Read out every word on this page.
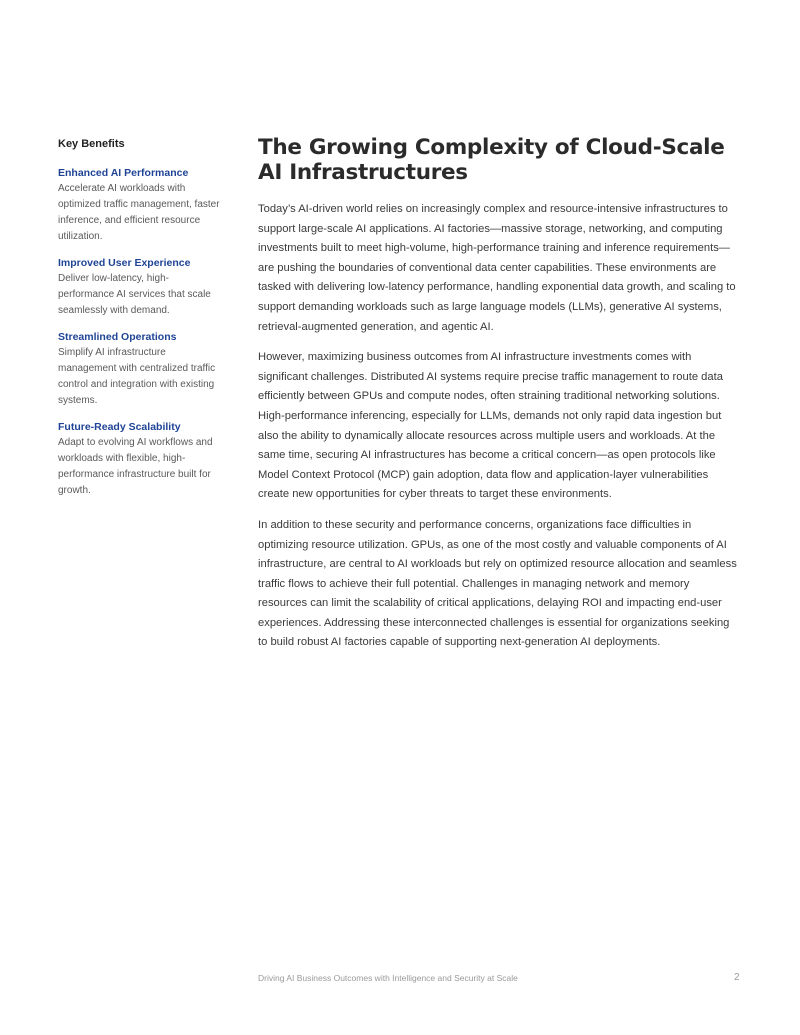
Key Benefits

Enhanced AI Performance

Accelerate AI workloads with optimized traffic management, faster inference, and efficient resource utilization.

Improved User Experience

Deliver low-latency, high-performance AI services that scale seamlessly with demand.

Streamlined Operations

Simplify AI infrastructure management with centralized traffic control and integration with existing systems.

Future-Ready Scalability

Adapt to evolving AI workflows and workloads with flexible, high-performance infrastructure built for growth.

The Growing Complexity of Cloud-Scale AI Infrastructures

Today’s AI-driven world relies on increasingly complex and resource-intensive infrastructures to support large-scale AI applications. AI factories—massive storage, networking, and computing investments built to meet high-volume, high-performance training and inference requirements—are pushing the boundaries of conventional data center capabilities. These environments are tasked with delivering low-latency performance, handling exponential data growth, and scaling to support demanding workloads such as large language models (LLMs), generative AI systems, retrieval-augmented generation, and agentic AI.

However, maximizing business outcomes from AI infrastructure investments comes with significant challenges. Distributed AI systems require precise traffic management to route data efficiently between GPUs and compute nodes, often straining traditional networking solutions. High-performance inferencing, especially for LLMs, demands not only rapid data ingestion but also the ability to dynamically allocate resources across multiple users and workloads. At the same time, securing AI infrastructures has become a critical concern—as open protocols like Model Context Protocol (MCP) gain adoption, data flow and application-layer vulnerabilities create new opportunities for cyber threats to target these environments.

In addition to these security and performance concerns, organizations face difficulties in optimizing resource utilization. GPUs, as one of the most costly and valuable components of AI infrastructure, are central to AI workloads but rely on optimized resource allocation and seamless traffic flows to achieve their full potential. Challenges in managing network and memory resources can limit the scalability of critical applications, delaying ROI and impacting end-user experiences. Addressing these interconnected challenges is essential for organizations seeking to build robust AI factories capable of supporting next-generation AI deployments.

Driving AI Business Outcomes with Intelligence and Security at Scale	2
